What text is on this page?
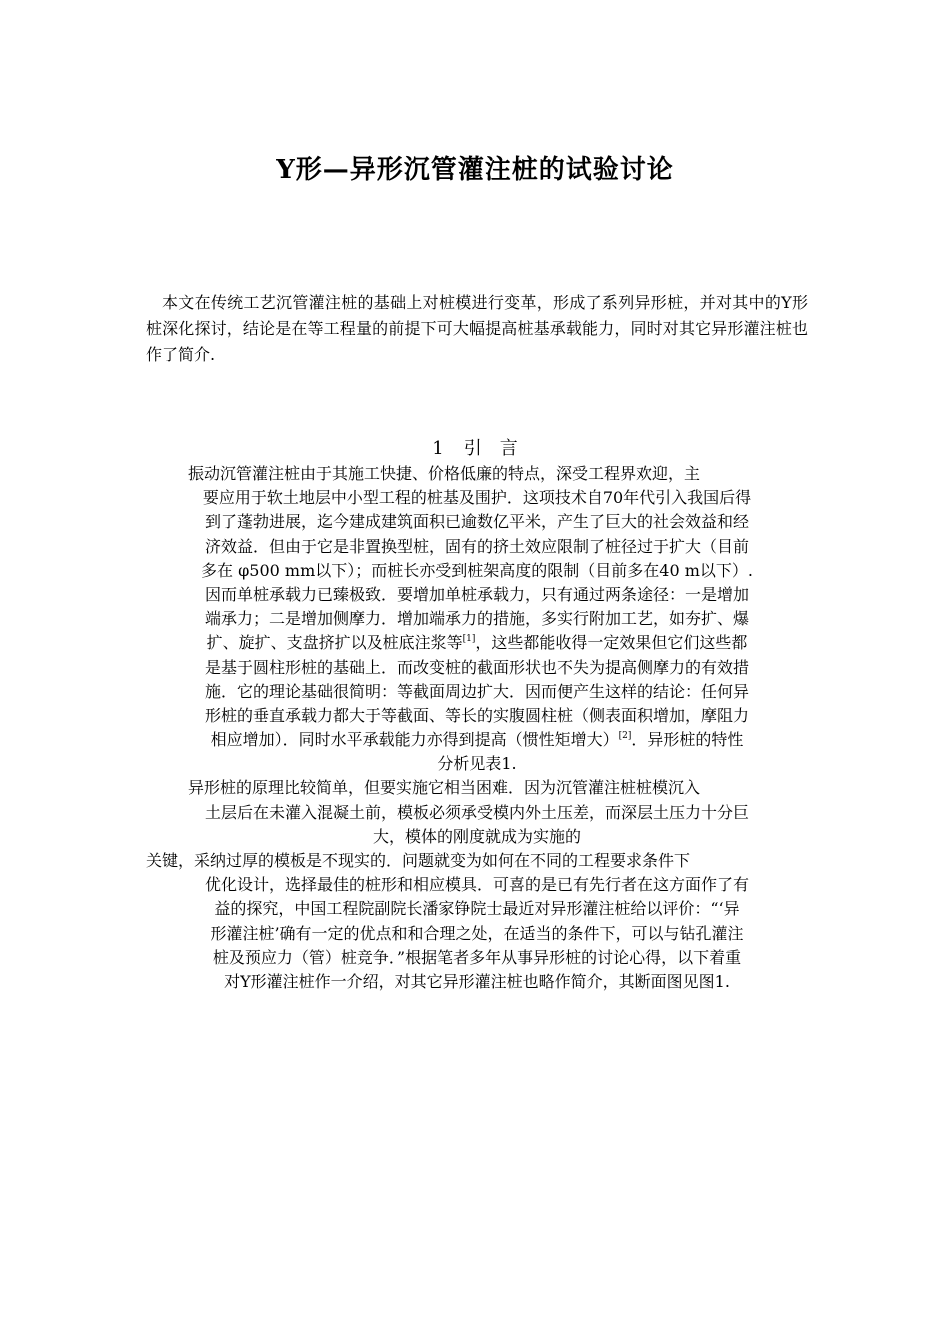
Y形—异形沉管灌注桩的试验讨论
本文在传统工艺沉管灌注桩的基础上对桩模进行变革，形成了系列异形桩，并对其中的Y形桩深化探讨，结论是在等工程量的前提下可大幅提高桩基承载能力，同时对其它异形灌注桩也作了简介.
1 引　言
振动沉管灌注桩由于其施工快捷、价格低廉的特点，深受工程界欢迎，主
要应用于软土地层中小型工程的桩基及围护．这项技术自70年代引入我国后得
到了蓬勃进展，迄今建成建筑面积已逾数亿平米，产生了巨大的社会效益和经
济效益．但由于它是非置换型桩，固有的挤土效应限制了桩径过于扩大（目前
多在 φ500 mm以下）；而桩长亦受到桩架高度的限制（目前多在40 m以下）.
因而单桩承载力已臻极致．要增加单桩承载力，只有通过两条途径：一是增加
端承力；二是增加侧摩力．增加端承力的措施，多实行附加工艺，如夯扩、爆
扩、旋扩、支盘挤扩以及桩底注浆等[1]，这些都能收得一定效果但它们这些都
是基于圆柱形桩的基础上．而改变桩的截面形状也不失为提高侧摩力的有效措
施．它的理论基础很简明：等截面周边扩大．因而便产生这样的结论：任何异
形桩的垂直承载力都大于等截面、等长的实腹圆柱桩（侧表面积增加，摩阻力
相应增加）．同时水平承载能力亦得到提高（惯性矩增大）[2]．异形桩的特性
分析见表1.
异形桩的原理比较简单，但要实施它相当困难．因为沉管灌注桩桩模沉入
土层后在未灌入混凝土前，模板必须承受模内外土压差，而深层土压力十分巨
大，模体的刚度就成为实施的
关键，采纳过厚的模板是不现实的．问题就变为如何在不同的工程要求条件下
优化设计，选择最佳的桩形和相应模具．可喜的是已有先行者在这方面作了有
益的探究，中国工程院副院长潘家铮院士最近对异形灌注桩给以评价：“‘异
形灌注桩’确有一定的优点和和合理之处，在适当的条件下，可以与钻孔灌注
桩及预应力（管）桩竞争．”根据笔者多年从事异形桩的讨论心得，以下着重
对Y形灌注桩作一介绍，对其它异形灌注桩也略作简介，其断面图见图1.
